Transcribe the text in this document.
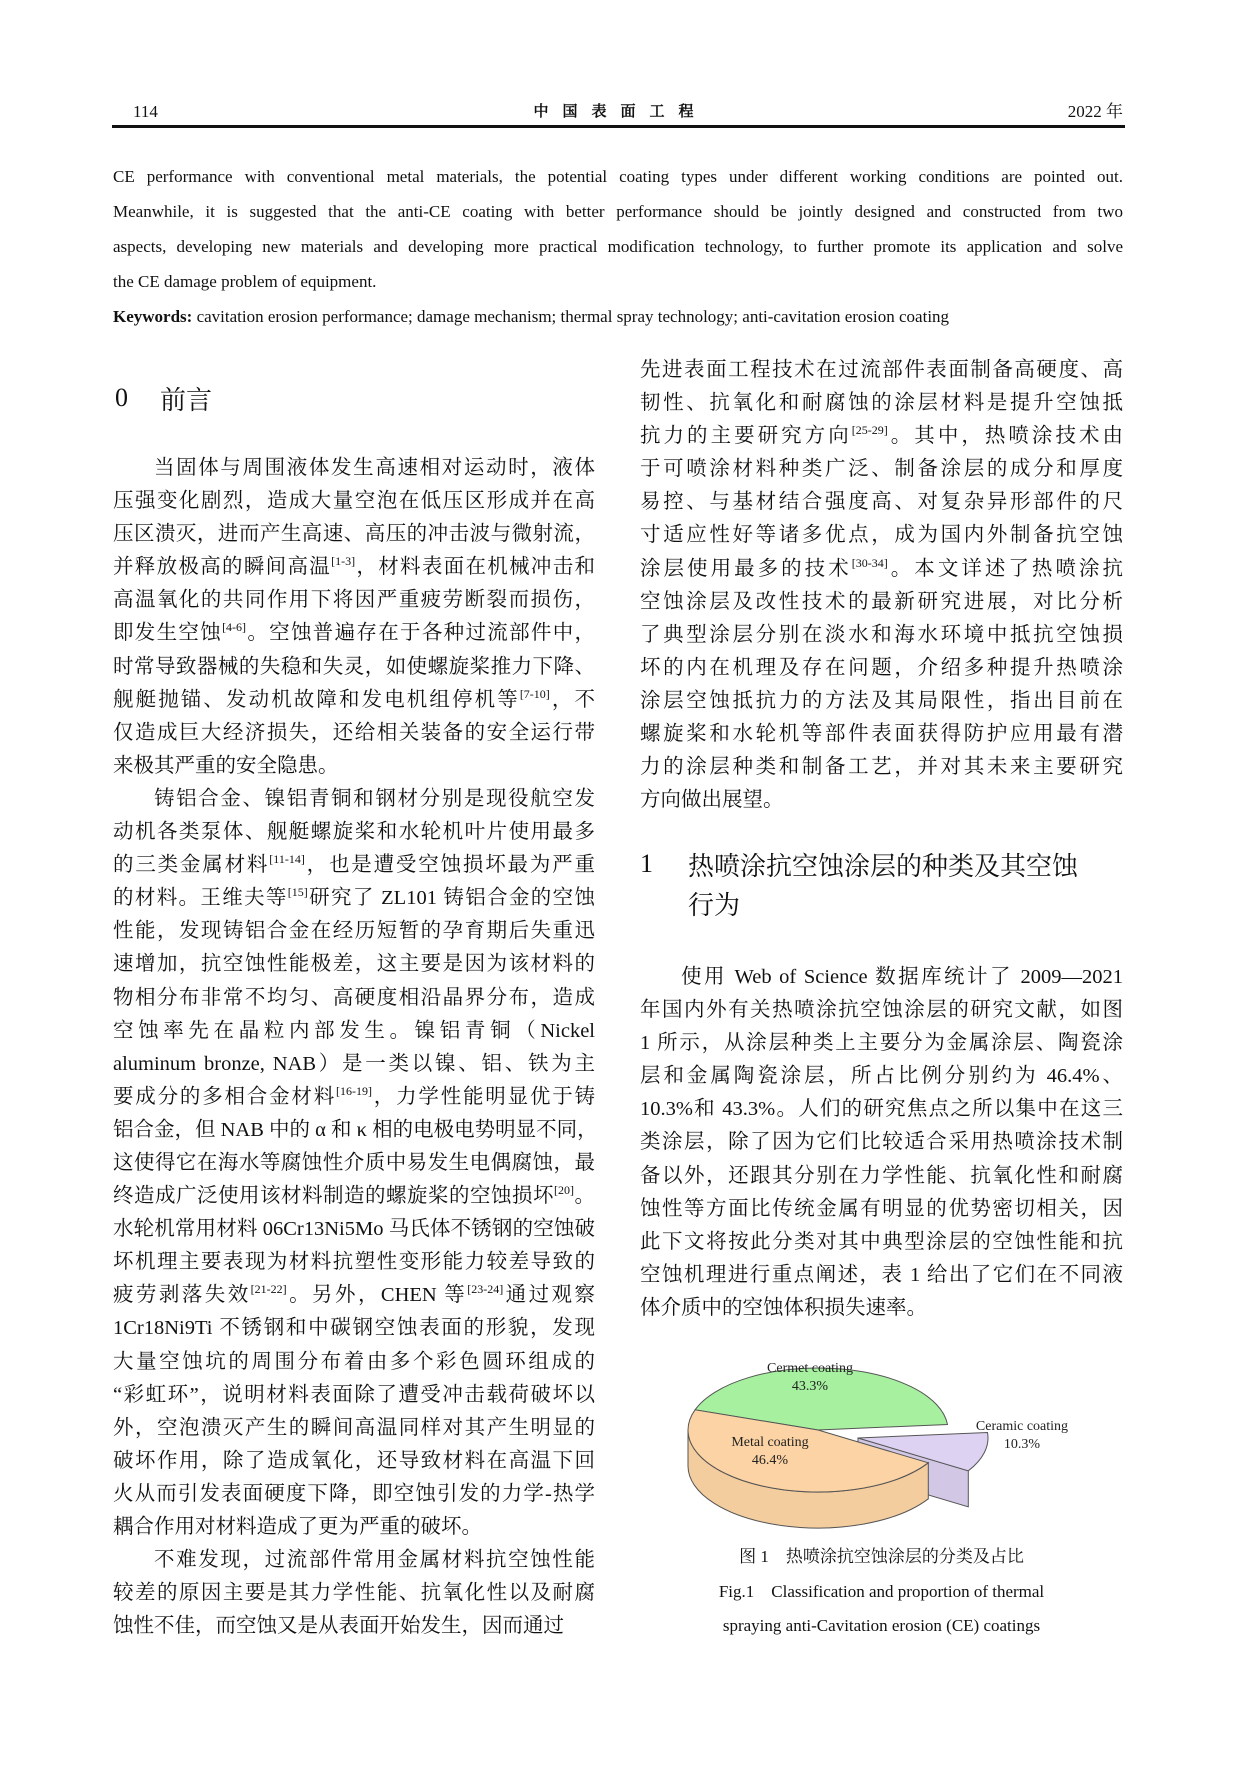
114	中国表面工程	2022 年
CE performance with conventional metal materials, the potential coating types under different working conditions are pointed out.
Meanwhile, it is suggested that the anti-CE coating with better performance should be jointly designed and constructed from two
aspects, developing new materials and developing more practical modification technology, to further promote its application and solve
the CE damage problem of equipment.
Keywords: cavitation erosion performance; damage mechanism; thermal spray technology; anti-cavitation erosion coating
0 前言
1 热喷涂抗空蚀涂层的种类及其空蚀
行为
当固体与周围液体发生高速相对运动时，液体
压强变化剧烈，造成大量空泡在低压区形成并在高
压区溃灭，进而产生高速、高压的冲击波与微射流，
并释放极高的瞬间高温[1-3]，材料表面在机械冲击和
高温氧化的共同作用下将因严重疲劳断裂而损伤，
即发生空蚀[4-6]。空蚀普遍存在于各种过流部件中，
时常导致器械的失稳和失灵，如使螺旋桨推力下降、
舰艇抛锚、发动机故障和发电机组停机等[7-10]，不
仅造成巨大经济损失，还给相关装备的安全运行带
来极其严重的安全隐患。
铸铝合金、镍铝青铜和钢材分别是现役航空发
动机各类泵体、舰艇螺旋桨和水轮机叶片使用最多
的三类金属材料[11-14]，也是遭受空蚀损坏最为严重
的材料。王维夫等[15]研究了 ZL101 铸铝合金的空蚀
性能，发现铸铝合金在经历短暂的孕育期后失重迅
速增加，抗空蚀性能极差，这主要是因为该材料的
物相分布非常不均匀、高硬度相沿晶界分布，造成
空蚀率先在晶粒内部发生。镍铝青铜（Nickel
aluminum bronze, NAB）是一类以镍、铝、铁为主
要成分的多相合金材料[16-19]，力学性能明显优于铸
铝合金，但 NAB 中的 α 和 κ 相的电极电势明显不同，
这使得它在海水等腐蚀性介质中易发生电偶腐蚀，最
终造成广泛使用该材料制造的螺旋桨的空蚀损坏[20]。
水轮机常用材料 06Cr13Ni5Mo 马氏体不锈钢的空蚀破
坏机理主要表现为材料抗塑性变形能力较差导致的
疲劳剥落失效[21-22]。另外，CHEN 等[23-24]通过观察
1Cr18Ni9Ti 不锈钢和中碳钢空蚀表面的形貌，发现
大量空蚀坑的周围分布着由多个彩色圆环组成的
“彩虹环”，说明材料表面除了遭受冲击载荷破坏以
外，空泡溃灭产生的瞬间高温同样对其产生明显的
破坏作用，除了造成氧化，还导致材料在高温下回
火从而引发表面硬度下降，即空蚀引发的力学-热学
耦合作用对材料造成了更为严重的破坏。
不难发现，过流部件常用金属材料抗空蚀性能
较差的原因主要是其力学性能、抗氧化性以及耐腐
蚀性不佳，而空蚀又是从表面开始发生，因而通过
先进表面工程技术在过流部件表面制备高硬度、高
韧性、抗氧化和耐腐蚀的涂层材料是提升空蚀抵
抗力的主要研究方向[25-29]。其中，热喷涂技术由
于可喷涂材料种类广泛、制备涂层的成分和厚度
易控、与基材结合强度高、对复杂异形部件的尺
寸适应性好等诸多优点，成为国内外制备抗空蚀
涂层使用最多的技术[30-34]。本文详述了热喷涂抗
空蚀涂层及改性技术的最新研究进展，对比分析
了典型涂层分别在淡水和海水环境中抵抗空蚀损
坏的内在机理及存在问题，介绍多种提升热喷涂
涂层空蚀抵抗力的方法及其局限性，指出目前在
螺旋桨和水轮机等部件表面获得防护应用最有潜
力的涂层种类和制备工艺，并对其未来主要研究
方向做出展望。
使用 Web of Science 数据库统计了 2009—2021
年国内外有关热喷涂抗空蚀涂层的研究文献，如图
1 所示，从涂层种类上主要分为金属涂层、陶瓷涂
层和金属陶瓷涂层，所占比例分别约为 46.4%、
10.3%和 43.3%。人们的研究焦点之所以集中在这三
类涂层，除了因为它们比较适合采用热喷涂技术制
备以外，还跟其分别在力学性能、抗氧化性和耐腐
蚀性等方面比传统金属有明显的优势密切相关，因
此下文将按此分类对其中典型涂层的空蚀性能和抗
空蚀机理进行重点阐述，表 1 给出了它们在不同液
体介质中的空蚀体积损失速率。
Cermet coating
43.3%
Ceramic coating
10.3%
Metal coating
46.4%
图 1　热喷涂抗空蚀涂层的分类及占比
Fig.1　Classification and proportion of thermal
spraying anti-Cavitation erosion (CE) coatings
